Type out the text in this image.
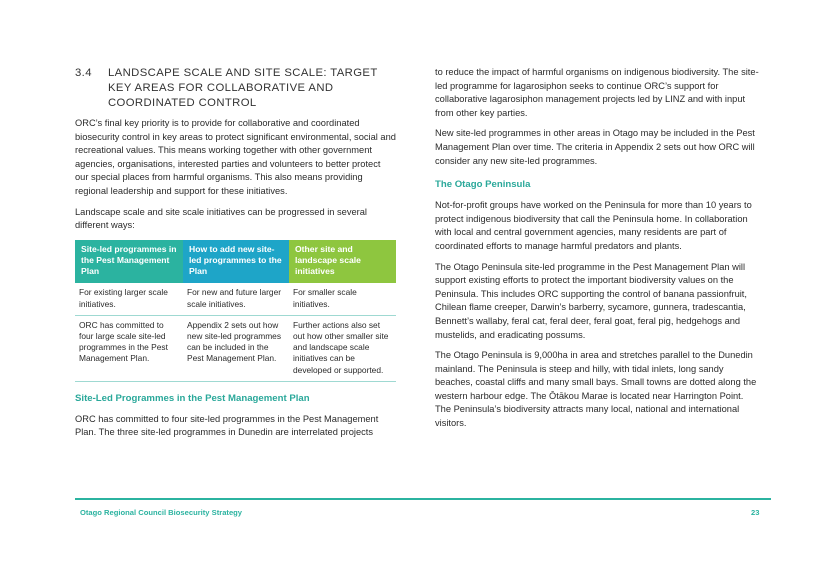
3.4	LANDSCAPE SCALE AND SITE SCALE: TARGET KEY AREAS FOR COLLABORATIVE AND COORDINATED CONTROL

ORC’s final key priority is to provide for collaborative and coordinated biosecurity control in key areas to protect significant environmental, social and recreational values. This means working together with other government agencies, organisations, interested parties and volunteers to better protect our special places from harmful organisms. This also means providing regional leadership and support for these initiatives.

Landscape scale and site scale initiatives can be progressed in several different ways:

Site-led programmes in the Pest Management Plan	How to add new site-led programmes to the Plan	Other site and landscape scale initiatives
For existing larger scale initiatives.	For new and future larger scale initiatives.	For smaller scale initiatives.
ORC has committed to four large scale site-led programmes in the Pest Management Plan.	Appendix 2 sets out how new site-led programmes can be included in the Pest Management Plan.	Further actions also set out how other smaller site and landscape scale initiatives can be developed or supported.
Site-Led Programmes in the Pest Management Plan

ORC has committed to four site-led programmes in the Pest Management Plan. The three site-led programmes in Dunedin are interrelated projects

to reduce the impact of harmful organisms on indigenous biodiversity. The site-led programme for lagarosiphon seeks to continue ORC’s support for collaborative lagarosiphon management projects led by LINZ and with input from other key parties.

New site-led programmes in other areas in Otago may be included in the Pest Management Plan over time. The criteria in Appendix 2 sets out how ORC will consider any new site-led programmes.

The Otago Peninsula

Not-for-profit groups have worked on the Peninsula for more than 10 years to protect indigenous biodiversity that call the Peninsula home. In collaboration with local and central government agencies, many residents are part of coordinated efforts to manage harmful predators and plants.

The Otago Peninsula site-led programme in the Pest Management Plan will support existing efforts to protect the important biodiversity values on the Peninsula. This includes ORC supporting the control of banana passionfruit, Chilean flame creeper, Darwin’s barberry, sycamore, gunnera, tradescantia, Bennett’s wallaby, feral cat, feral deer, feral goat, feral pig, hedgehogs and mustelids, and eradicating possums.

The Otago Peninsula is 9,000ha in area and stretches parallel to the Dunedin mainland. The Peninsula is steep and hilly, with tidal inlets, long sandy beaches, coastal cliffs and many small bays. Small towns are dotted along the western harbour edge. The Ōtākou Marae is located near Harrington Point. The Peninsula’s biodiversity attracts many local, national and international visitors.

Otago Regional Council Biosecurity Strategy	23
